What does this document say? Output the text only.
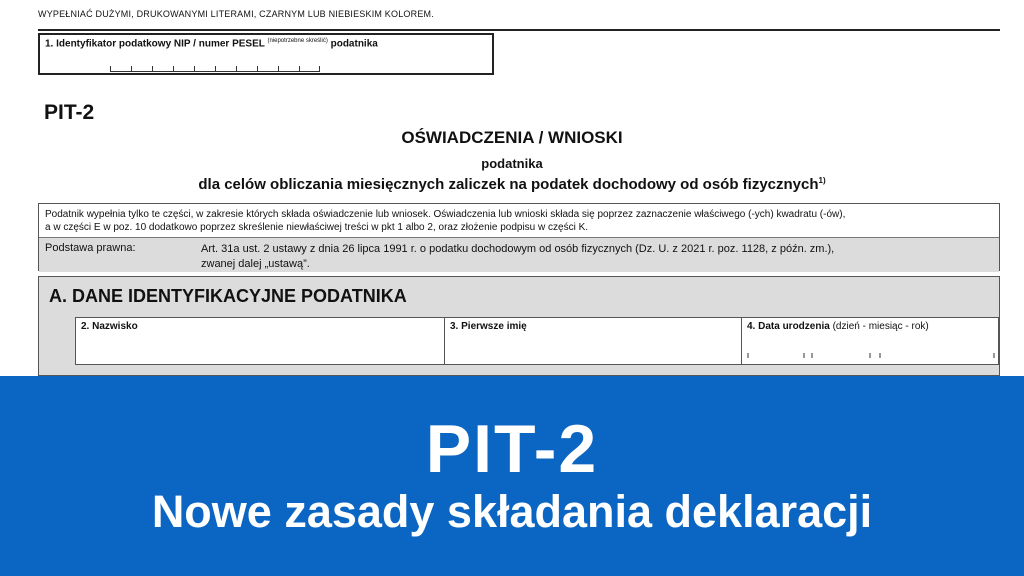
WYPEŁNIAĆ DUŻYMI, DRUKOWANYMI LITERAMI, CZARNYM LUB NIEBIESKIM KOLOREM.
1. Identyfikator podatkowy NIP / numer PESEL $^{(niepotrzebne skreślić)}$ podatnika
PIT-2
OŚWIADCZENIA / WNIOSKI
podatnika
dla celów obliczania miesięcznych zaliczek na podatek dochodowy od osób fizycznych$^{1)}$
Podatnik wypełnia tylko te części, w zakresie których składa oświadczenie lub wniosek. Oświadczenia lub wnioski składa się poprzez zaznaczenie właściwego (-ych) kwadratu (-ów),
a w części E w poz. 10 dodatkowo poprzez skreślenie niewłaściwej treści w pkt 1 albo 2, oraz złożenie podpisu w części K.
Podstawa prawna:	Art. 31a ust. 2 ustawy z dnia 26 lipca 1991 r. o podatku dochodowym od osób fizycznych (Dz. U. z 2021 r. poz. 1128, z późn. zm.),
zwanej dalej „ustawą”.
A. DANE IDENTYFIKACYJNE PODATNIKA
2. Nazwisko	3. Pierwsze imię	4. Data urodzenia (dzień - miesiąc - rok)
PIT-2
Nowe zasady składania deklaracji
